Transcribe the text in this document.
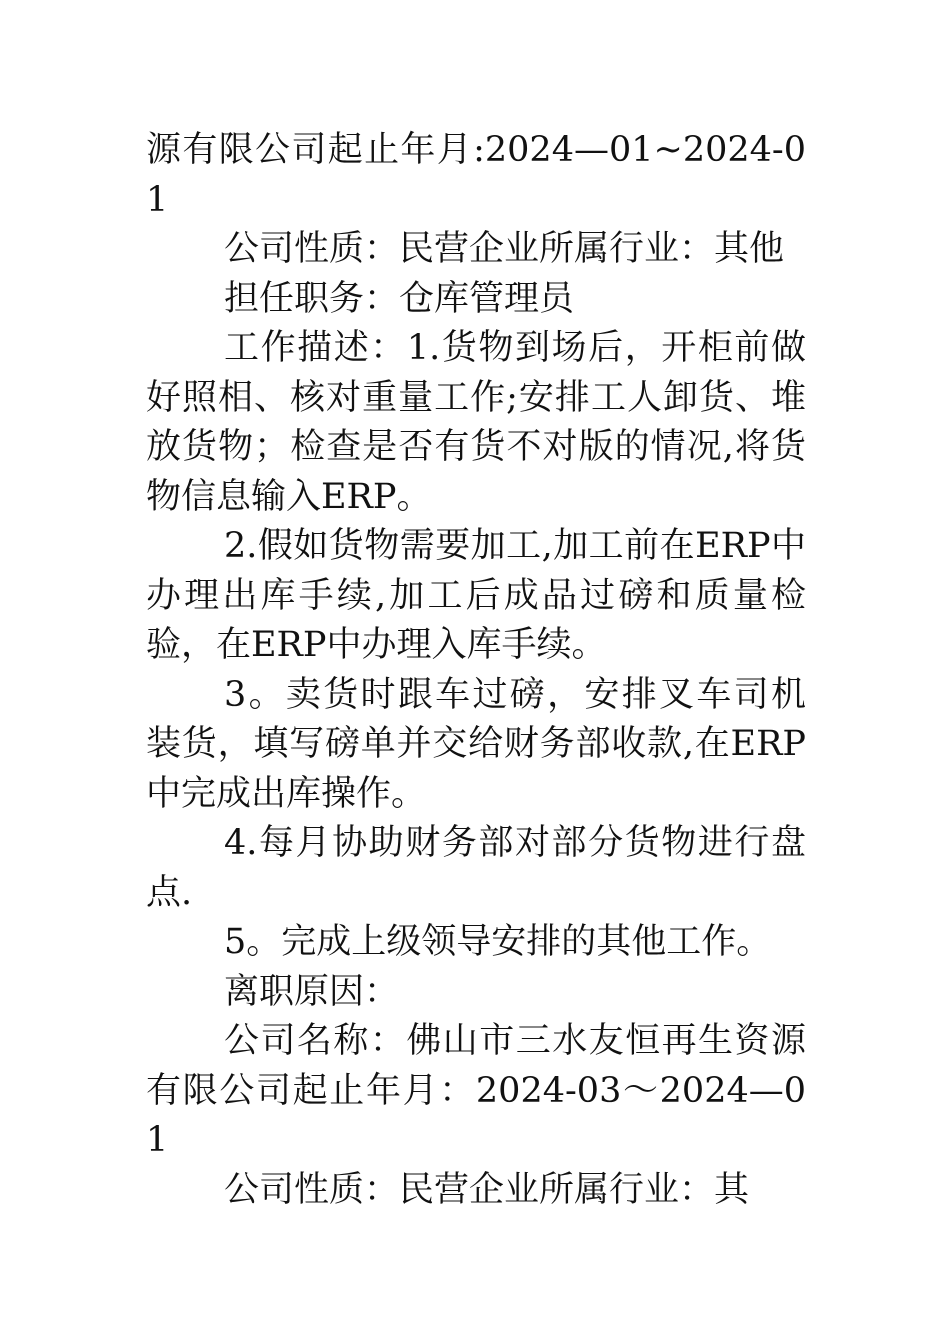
源有限公司起止年月:2024—01~2024-01

公司性质：民营企业所属行业：其他

担任职务：仓库管理员

工作描述：1.货物到场后，开柜前做好照相、核对重量工作;安排工人卸货、堆放货物；检查是否有货不对版的情况,将货物信息输入ERP。

2.假如货物需要加工,加工前在ERP中办理出库手续,加工后成品过磅和质量检验，在ERP中办理入库手续。

3。卖货时跟车过磅，安排叉车司机装货，填写磅单并交给财务部收款,在ERP中完成出库操作。

4.每月协助财务部对部分货物进行盘点.

5。完成上级领导安排的其他工作。

离职原因：

公司名称：佛山市三水友恒再生资源有限公司起止年月：2024-03～2024—01

公司性质：民营企业所属行业：其
